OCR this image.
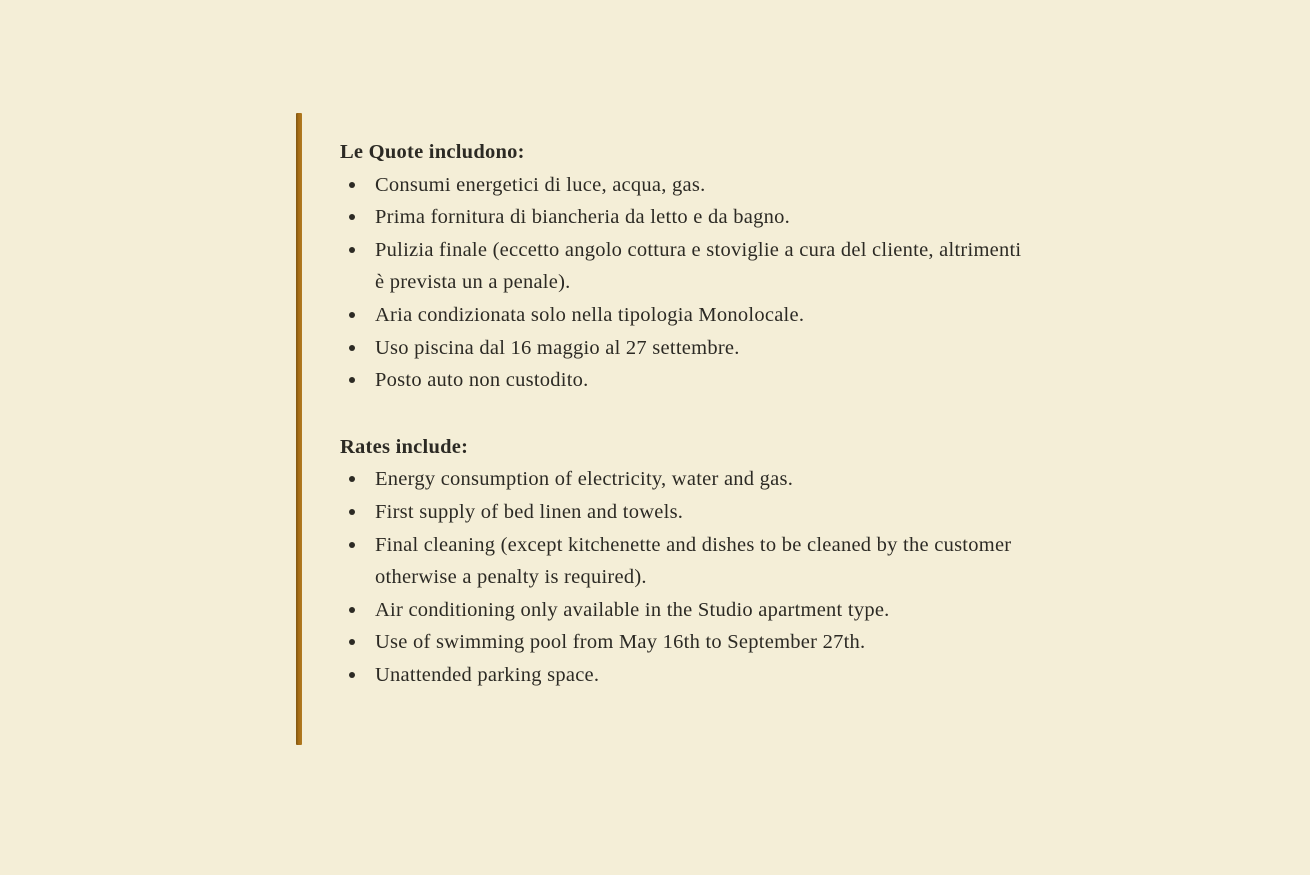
Le Quote includono:

Consumi energetici di luce, acqua, gas.
Prima fornitura di biancheria da letto e da bagno.
Pulizia finale (eccetto angolo cottura e stoviglie a cura del cliente, altrimenti è prevista un a penale).
Aria condizionata solo nella tipologia Monolocale.
Uso piscina dal 16 maggio al 27 settembre.
Posto auto non custodito.

Rates include:

Energy consumption of electricity, water and gas.
First supply of bed linen and towels.
Final cleaning (except kitchenette and dishes to be cleaned by the customer otherwise a penalty is required).
Air conditioning only available in the Studio apartment type.
Use of swimming pool from May 16th to September 27th.
Unattended parking space.
